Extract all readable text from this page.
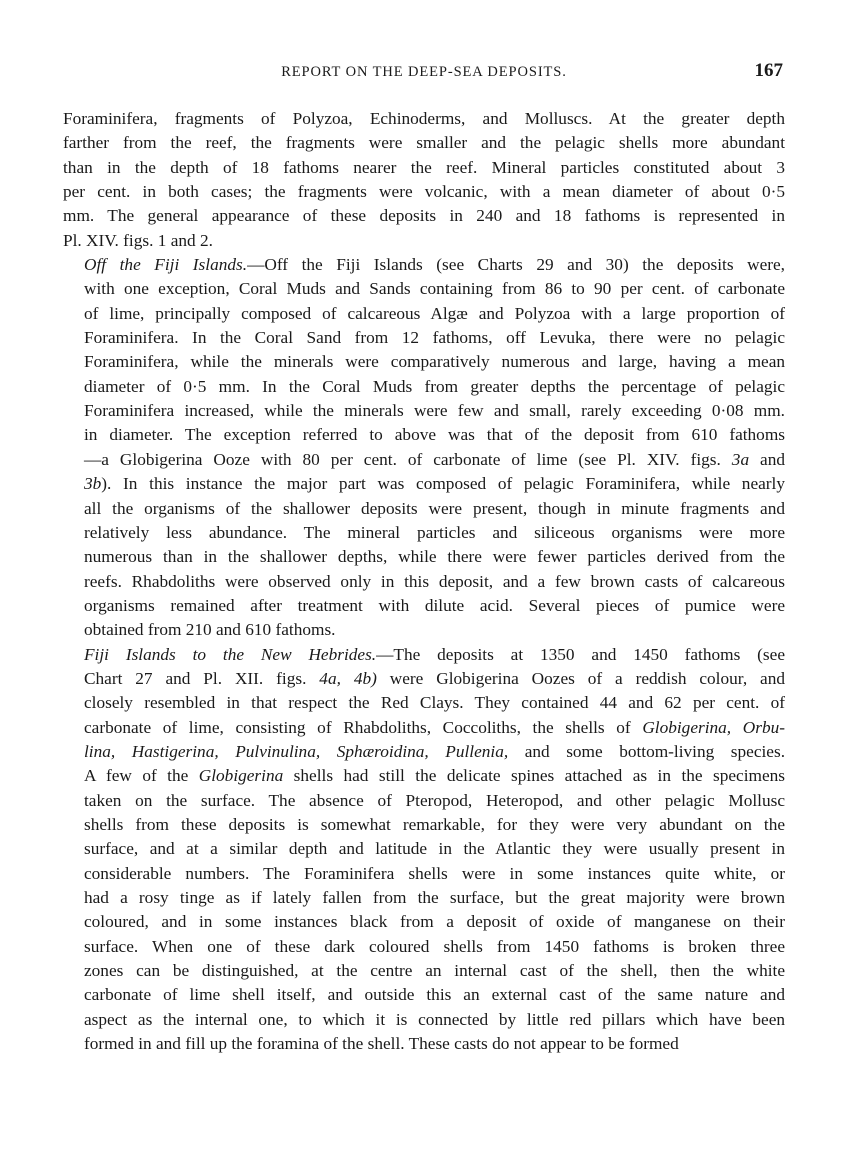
REPORT ON THE DEEP-SEA DEPOSITS.	167

Foraminifera, fragments of Polyzoa, Echinoderms, and Molluscs. At the greater depth
farther from the reef, the fragments were smaller and the pelagic shells more abundant
than in the depth of 18 fathoms nearer the reef. Mineral particles constituted about 3
per cent. in both cases; the fragments were volcanic, with a mean diameter of about 0·5
mm. The general appearance of these deposits in 240 and 18 fathoms is represented in
Pl. XIV. figs. 1 and 2.

Off the Fiji Islands.—Off the Fiji Islands (see Charts 29 and 30) the deposits were,
with one exception, Coral Muds and Sands containing from 86 to 90 per cent. of carbonate
of lime, principally composed of calcareous Algæ and Polyzoa with a large proportion of
Foraminifera. In the Coral Sand from 12 fathoms, off Levuka, there were no pelagic
Foraminifera, while the minerals were comparatively numerous and large, having a mean
diameter of 0·5 mm. In the Coral Muds from greater depths the percentage of pelagic
Foraminifera increased, while the minerals were few and small, rarely exceeding 0·08 mm.
in diameter. The exception referred to above was that of the deposit from 610 fathoms
—a Globigerina Ooze with 80 per cent. of carbonate of lime (see Pl. XIV. figs. 3a and
3b). In this instance the major part was composed of pelagic Foraminifera, while nearly
all the organisms of the shallower deposits were present, though in minute fragments and
relatively less abundance. The mineral particles and siliceous organisms were more
numerous than in the shallower depths, while there were fewer particles derived from the
reefs. Rhabdoliths were observed only in this deposit, and a few brown casts of calcareous
organisms remained after treatment with dilute acid. Several pieces of pumice were
obtained from 210 and 610 fathoms.

Fiji Islands to the New Hebrides.—The deposits at 1350 and 1450 fathoms (see
Chart 27 and Pl. XII. figs. 4a, 4b) were Globigerina Oozes of a reddish colour, and
closely resembled in that respect the Red Clays. They contained 44 and 62 per cent. of
carbonate of lime, consisting of Rhabdoliths, Coccoliths, the shells of Globigerina, Orbu-
lina, Hastigerina, Pulvinulina, Sphæroidina, Pullenia, and some bottom-living species.
A few of the Globigerina shells had still the delicate spines attached as in the specimens
taken on the surface. The absence of Pteropod, Heteropod, and other pelagic Mollusc
shells from these deposits is somewhat remarkable, for they were very abundant on the
surface, and at a similar depth and latitude in the Atlantic they were usually present in
considerable numbers. The Foraminifera shells were in some instances quite white, or
had a rosy tinge as if lately fallen from the surface, but the great majority were brown
coloured, and in some instances black from a deposit of oxide of manganese on their
surface. When one of these dark coloured shells from 1450 fathoms is broken three
zones can be distinguished, at the centre an internal cast of the shell, then the white
carbonate of lime shell itself, and outside this an external cast of the same nature and
aspect as the internal one, to which it is connected by little red pillars which have been
formed in and fill up the foramina of the shell. These casts do not appear to be formed
